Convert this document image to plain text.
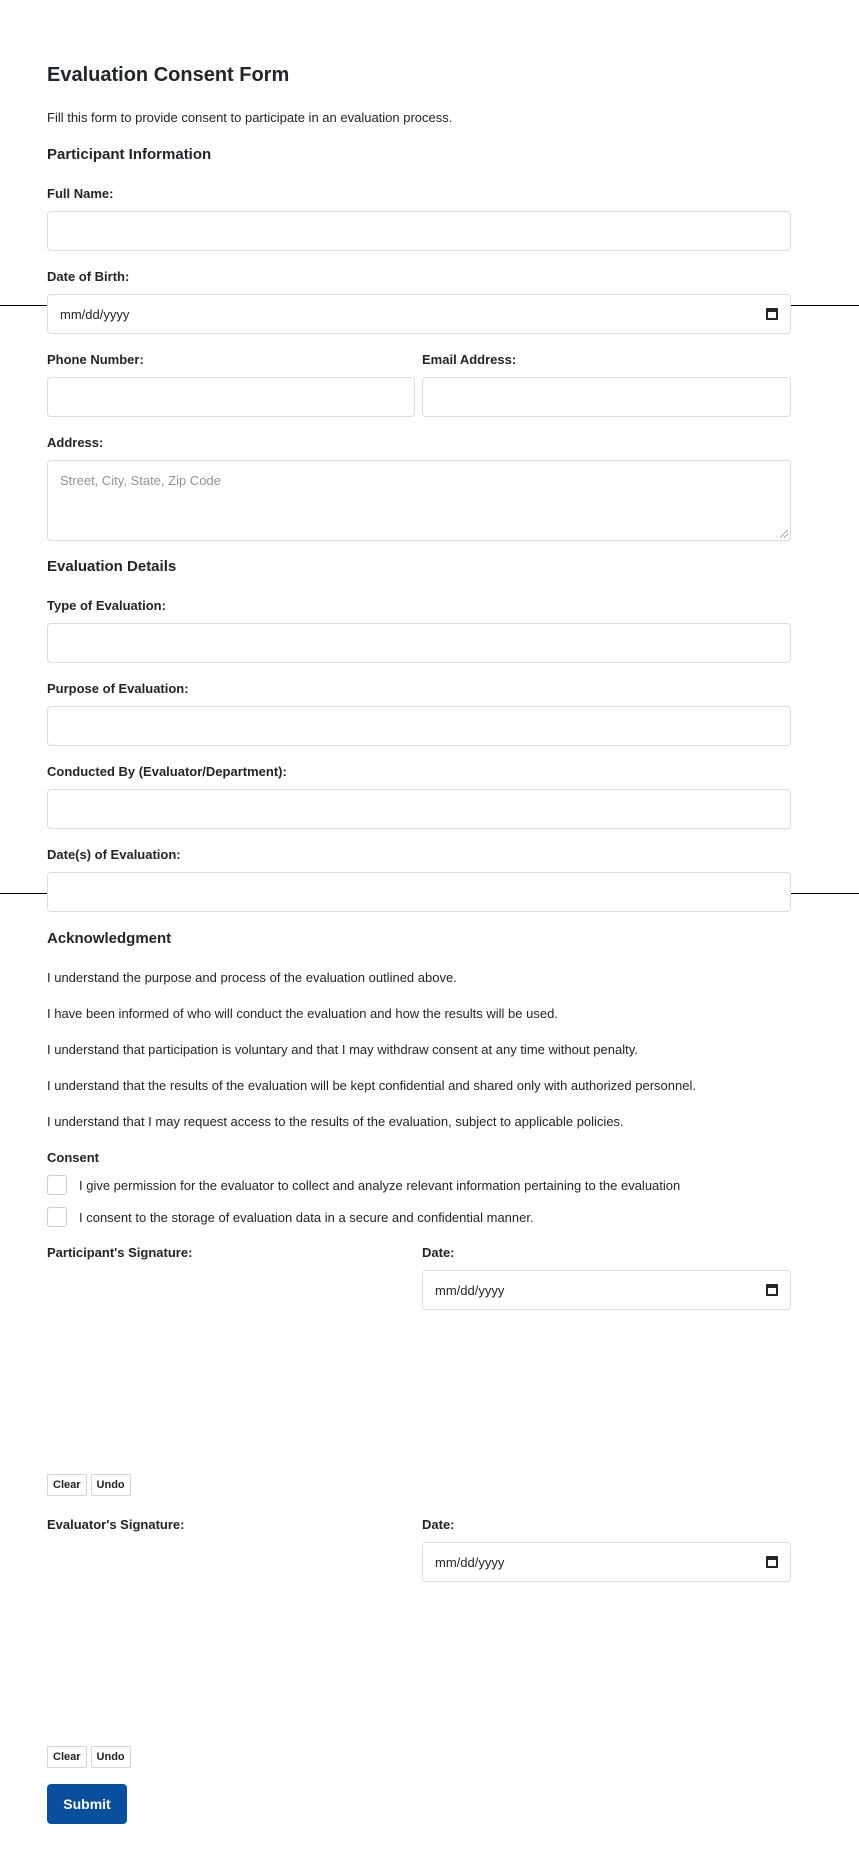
Evaluation Consent Form
Fill this form to provide consent to participate in an evaluation process.
Participant Information
Full Name:
Date of Birth:
mm/dd/yyyy
Phone Number:	Email Address:
Address:
Street, City, State, Zip Code
Evaluation Details
Type of Evaluation:
Purpose of Evaluation:
Conducted By (Evaluator/Department):
Date(s) of Evaluation:
Acknowledgment
I understand the purpose and process of the evaluation outlined above.
I have been informed of who will conduct the evaluation and how the results will be used.
I understand that participation is voluntary and that I may withdraw consent at any time without penalty.
I understand that the results of the evaluation will be kept confidential and shared only with authorized personnel.
I understand that I may request access to the results of the evaluation, subject to applicable policies.
Consent
I give permission for the evaluator to collect and analyze relevant information pertaining to the evaluation
I consent to the storage of evaluation data in a secure and confidential manner.
Participant's Signature:	Date:
mm/dd/yyyy
Clear	Undo
Evaluator's Signature:	Date:
mm/dd/yyyy
Clear	Undo
Submit
